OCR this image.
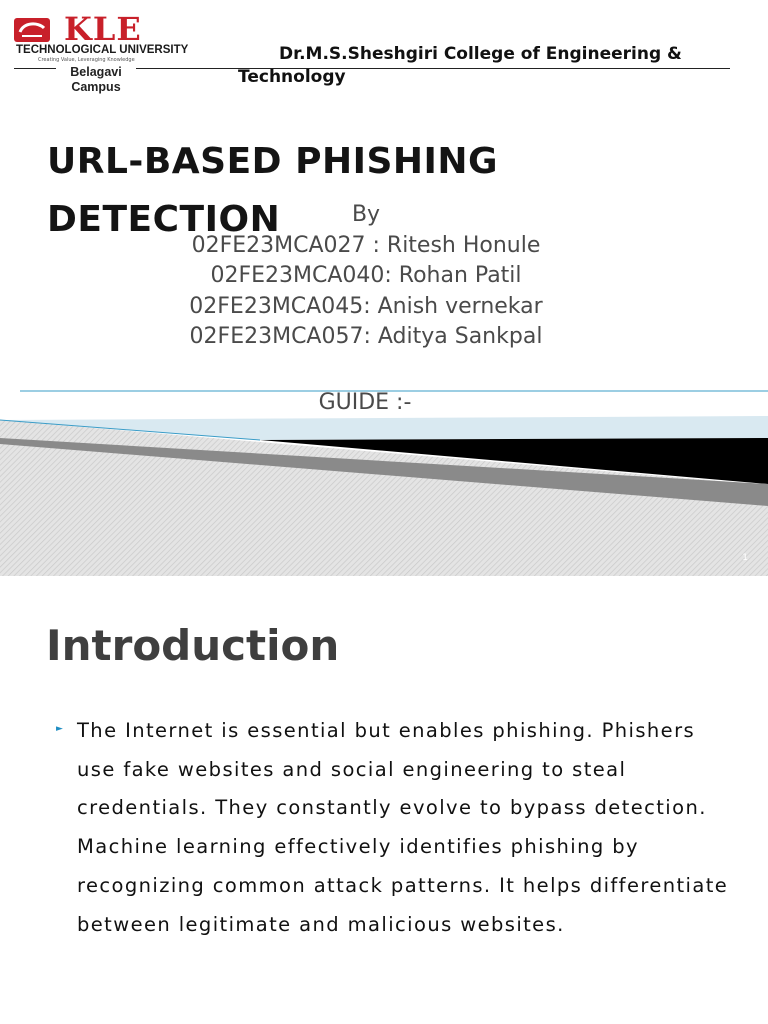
KLE
TECHNOLOGICAL UNIVERSITY
Creating Value, Leveraging Knowledge
Belagavi Campus
Dr.M.S.Sheshgiri College of Engineering & Technology
URL-BASED PHISHING DETECTION	By
02FE23MCA027 : Ritesh Honule
02FE23MCA040: Rohan Patil
02FE23MCA045: Anish vernekar
02FE23MCA057: Aditya Sankpal
GUIDE :-
1
Introduction
► The Internet is essential but enables phishing. Phishers use fake websites and social engineering to steal credentials. They constantly evolve to bypass detection. Machine learning effectively identifies phishing by recognizing common attack patterns. It helps differentiate between legitimate and malicious websites.
